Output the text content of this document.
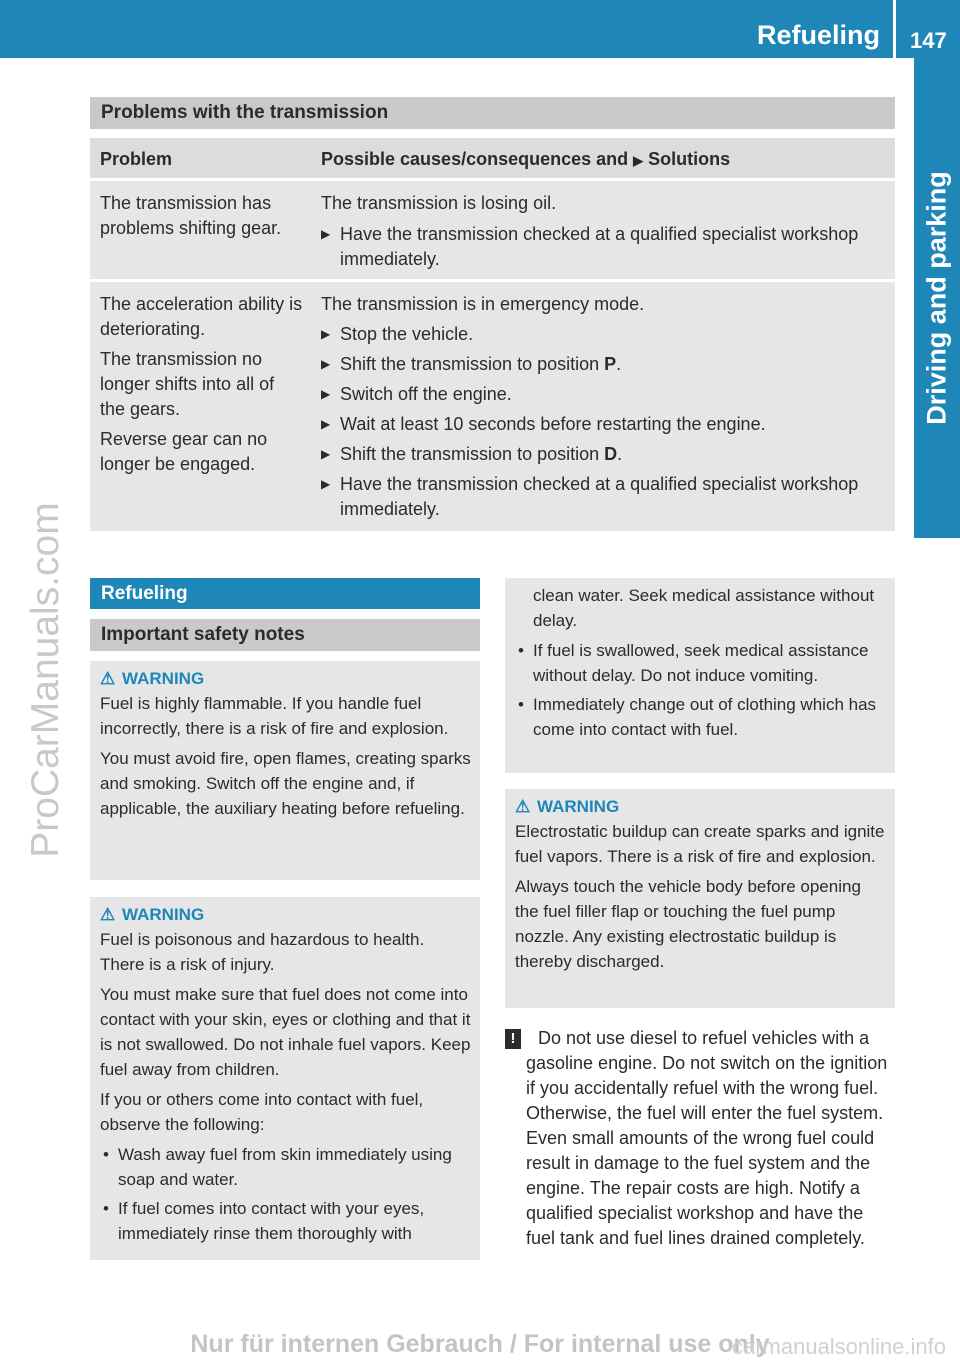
Refueling 147
Driving and parking
ProCarManuals.com
Problems with the transmission
Problem	Possible causes/consequences and ▶ Solutions

The transmission has problems shifting gear.

The transmission is losing oil.

▶ Have the transmission checked at a qualified specialist workshop immediately.

The acceleration ability is deteriorating.

The transmission no longer shifts into all of the gears.

Reverse gear can no longer be engaged.

The transmission is in emergency mode.

▶ Stop the vehicle.

▶ Shift the transmission to position P.

▶ Switch off the engine.

▶ Wait at least 10 seconds before restarting the engine.

▶ Shift the transmission to position D.

▶ Have the transmission checked at a qualified specialist workshop immediately.

Refueling
Important safety notes
⚠ WARNING

Fuel is highly flammable. If you handle fuel incorrectly, there is a risk of fire and explosion.

You must avoid fire, open flames, creating sparks and smoking. Switch off the engine and, if applicable, the auxiliary heating before refueling.

⚠ WARNING

Fuel is poisonous and hazardous to health. There is a risk of injury.

You must make sure that fuel does not come into contact with your skin, eyes or clothing and that it is not swallowed. Do not inhale fuel vapors. Keep fuel away from children.

If you or others come into contact with fuel, observe the following:

• Wash away fuel from skin immediately using soap and water.

• If fuel comes into contact with your eyes, immediately rinse them thoroughly with

clean water. Seek medical assistance without delay.

• If fuel is swallowed, seek medical assistance without delay. Do not induce vomiting.

• Immediately change out of clothing which has come into contact with fuel.

⚠ WARNING

Electrostatic buildup can create sparks and ignite fuel vapors. There is a risk of fire and explosion.

Always touch the vehicle body before opening the fuel filler flap or touching the fuel pump nozzle. Any existing electrostatic buildup is thereby discharged.

!	Do not use diesel to refuel vehicles with a gasoline engine. Do not switch on the ignition if you accidentally refuel with the wrong fuel. Otherwise, the fuel will enter the fuel system. Even small amounts of the wrong fuel could result in damage to the fuel system and the engine. The repair costs are high. Notify a qualified specialist workshop and have the fuel tank and fuel lines drained completely.
Nur für internen Gebrauch / For internal use only
carmanualsonline.info
